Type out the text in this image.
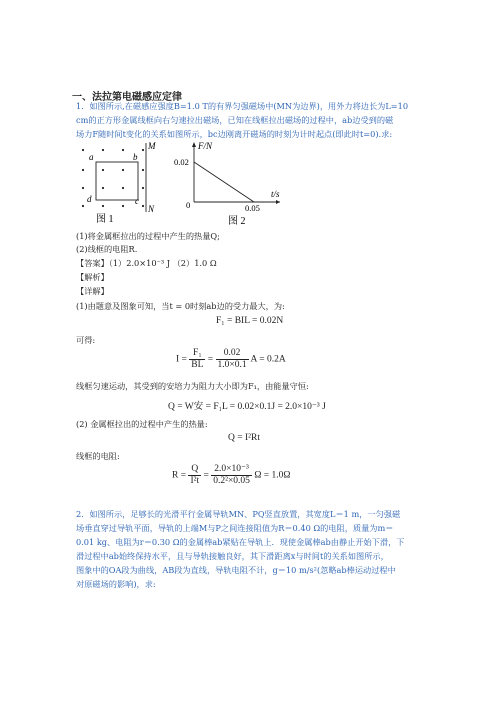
一、法拉第电磁感应定律
1．如图所示,在磁感应强度B=1.0 T的有界匀强磁场中(MN为边界)，用外力将边长为L=10
cm的正方形金属线框向右匀速拉出磁场，已知在线框拉出磁场的过程中，ab边受到的磁
场力F随时间t变化的关系如图所示，bc边刚离开磁场的时刻为计时起点(即此时t=0).求:
M
N
a	b
d	c
图 1
F/N
t/s
0.02
0	0.05
图 2
(1)将金属框拉出的过程中产生的热量Q;
(2)线框的电阻R.
【答案】（1）2.0×10⁻³ J （2）1.0 Ω
【解析】
【详解】
(1)由题意及图象可知，当t = 0时刻ab边的受力最大，为:
F₁ = BIL = 0.02N
可得:
$I = \frac{\text{F₁}}{BL} = \frac{0.02}{1.0\times 0.1}$ A = 0.2A
线框匀速运动，其受到的安培力为阻力大小即为F₁，由能量守恒:
Q = W安 = F₁L = 0.02×0.1J = 2.0×10⁻³ J
(2) 金属框拉出的过程中产生的热量:
Q = I²Rt
线框的电阻:
$R = \frac{Q}{\text{I²t}} = \frac{\text{2.0×10⁻³}}{\text{0.2²×0.05}}$ Ω = 1.0Ω
2．如图所示，足够长的光滑平行金属导轨MN、PQ竖直放置，其宽度L＝1 m，一匀强磁
场垂直穿过导轨平面，导轨的上端M与P之间连接阻值为R＝0.40 Ω的电阻，质量为m＝
0.01 kg、电阻为r＝0.30 Ω的金属棒ab紧贴在导轨上．现使金属棒ab由静止开始下滑，下
滑过程中ab始终保持水平，且与导轨接触良好，其下滑距离x与时间t的关系如图所示，
图象中的OA段为曲线，AB段为直线，导轨电阻不计，g＝10 m/s²(忽略ab棒运动过程中
对原磁场的影响)，求:
